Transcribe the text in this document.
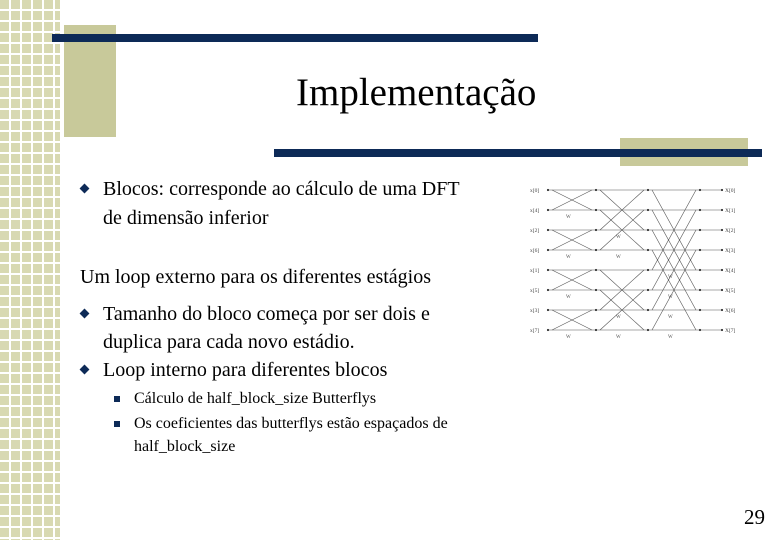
Implementação
Blocos: corresponde ao cálculo de uma DFT
de dimensão inferior
Um loop externo para os diferentes estágios
Tamanho do bloco começa por ser dois e
duplica para cada novo estádio.
Loop interno para diferentes blocos
Cálculo de half_block_size Butterflys
Os coeficientes das butterflys estão espaçados de
half_block_size
W
W
W
W
W
W
W
W
W
W
W
W
x[0]
x[4]
x[2]
x[6]
x[1]
x[5]
x[3]
x[7]
X[0]
X[1]
X[2]
X[3]
X[4]
X[5]
X[6]
X[7]
29
